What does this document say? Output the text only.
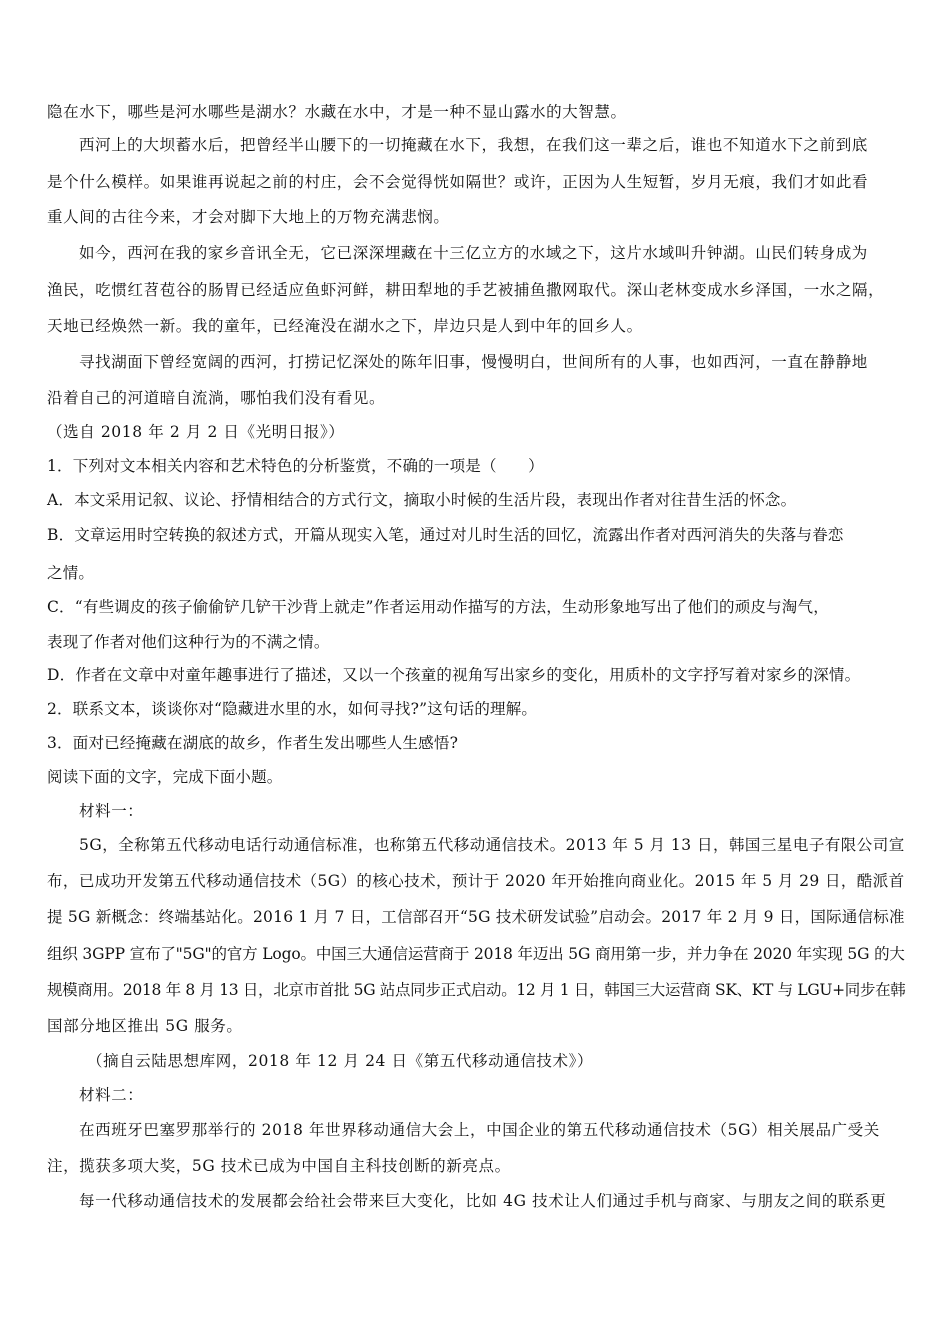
隐在水下，哪些是河水哪些是湖水？水藏在水中，才是一种不显山露水的大智慧。
西河上的大坝蓄水后，把曾经半山腰下的一切掩藏在水下，我想，在我们这一辈之后，谁也不知道水下之前到底
是个什么模样。如果谁再说起之前的村庄，会不会觉得恍如隔世？或许，正因为人生短暂，岁月无痕，我们才如此看
重人间的古往今来，才会对脚下大地上的万物充满悲悯。
如今，西河在我的家乡音讯全无，它已深深埋藏在十三亿立方的水域之下，这片水域叫升钟湖。山民们转身成为
渔民，吃惯红苕苞谷的肠胃已经适应鱼虾河鲜，耕田犁地的手艺被捕鱼撒网取代。深山老林变成水乡泽国，一水之隔，
天地已经焕然一新。我的童年，已经淹没在湖水之下，岸边只是人到中年的回乡人。
寻找湖面下曾经宽阔的西河，打捞记忆深处的陈年旧事，慢慢明白，世间所有的人事，也如西河，一直在静静地
沿着自己的河道暗自流淌，哪怕我们没有看见。
（选自 2018 年 2 月 2 日《光明日报》）
1．下列对文本相关内容和艺术特色的分析鉴赏，不确的一项是（　　）
A．本文采用记叙、议论、抒情相结合的方式行文，摘取小时候的生活片段，表现出作者对往昔生活的怀念。
B．文章运用时空转换的叙述方式，开篇从现实入笔，通过对儿时生活的回忆，流露出作者对西河消失的失落与眷恋
之情。
C．“有些调皮的孩子偷偷铲几铲干沙背上就走”作者运用动作描写的方法，生动形象地写出了他们的顽皮与淘气，
表现了作者对他们这种行为的不满之情。
D．作者在文章中对童年趣事进行了描述，又以一个孩童的视角写出家乡的变化，用质朴的文字抒写着对家乡的深情。
2．联系文本，谈谈你对“隐藏进水里的水，如何寻找?”这句话的理解。
3．面对已经掩藏在湖底的故乡，作者生发出哪些人生感悟?
阅读下面的文字，完成下面小题。
材料一：
5G，全称第五代移动电话行动通信标准，也称第五代移动通信技术。2013 年 5 月 13 日，韩国三星电子有限公司宣
布，已成功开发第五代移动通信技术（5G）的核心技术，预计于 2020 年开始推向商业化。2015 年 5 月 29 日，酷派首
提 5G 新概念：终端基站化。2016 1 月 7 日，工信部召开“5G 技术研发试验”启动会。2017 年 2 月 9 日，国际通信标准
组织 3GPP 宣布了"5G"的官方 Logo。中国三大通信运营商于 2018 年迈出 5G 商用第一步，并力争在 2020 年实现 5G 的大
规模商用。2018 年 8 月 13 日，北京市首批 5G 站点同步正式启动。12 月 1 日，韩国三大运营商 SK、KT 与 LGU+同步在韩
国部分地区推出 5G 服务。
（摘自云陆思想库网，2018 年 12 月 24 日《第五代移动通信技术》）
材料二：
在西班牙巴塞罗那举行的 2018 年世界移动通信大会上，中国企业的第五代移动通信技术（5G）相关展品广受关
注，揽获多项大奖，5G 技术已成为中国自主科技创断的新亮点。
每一代移动通信技术的发展都会给社会带来巨大变化，比如 4G 技术让人们通过手机与商家、与朋友之间的联系更
